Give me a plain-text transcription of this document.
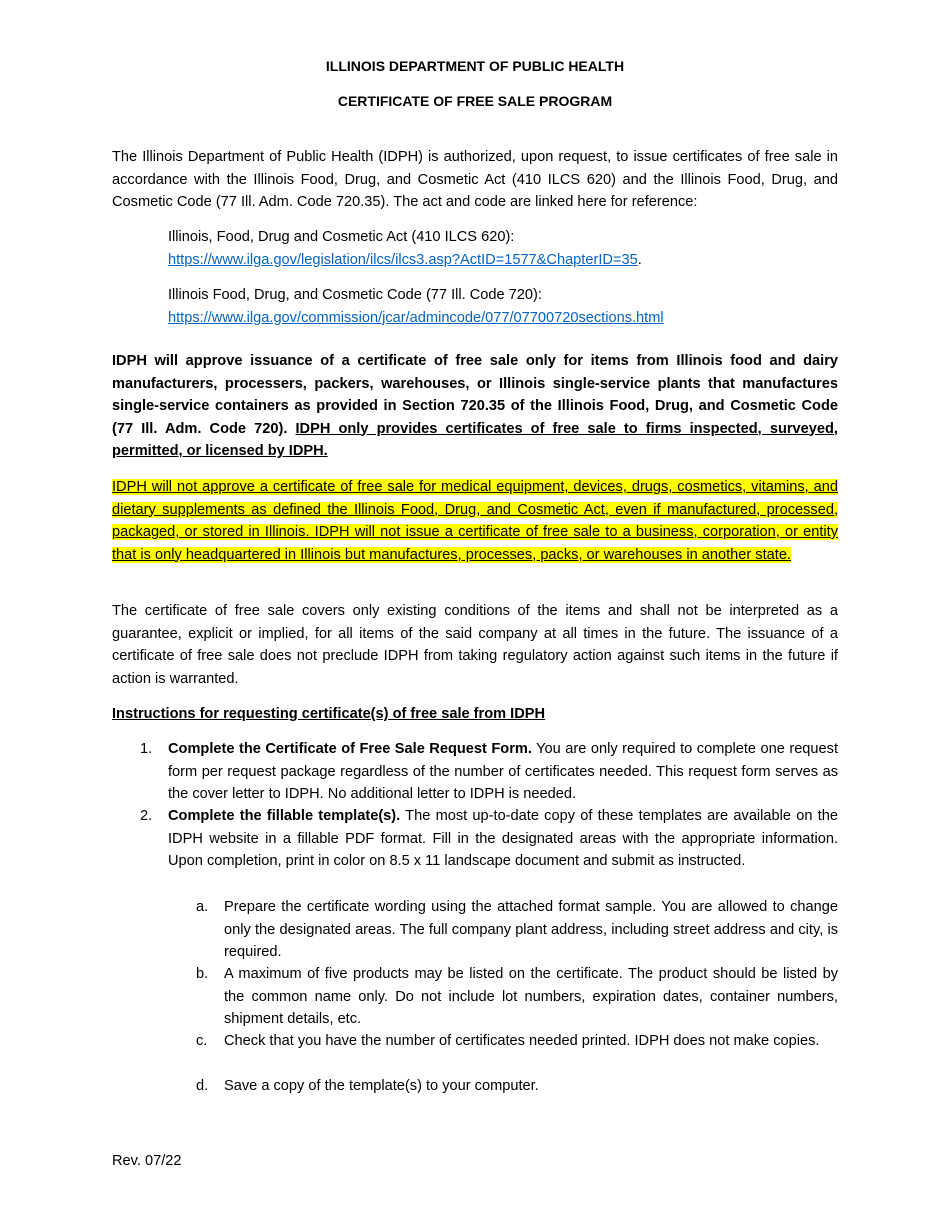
ILLINOIS DEPARTMENT OF PUBLIC HEALTH

CERTIFICATE OF FREE SALE PROGRAM

The Illinois Department of Public Health (IDPH) is authorized, upon request, to issue certificates of free sale in accordance with the Illinois Food, Drug, and Cosmetic Act (410 ILCS 620) and the Illinois Food, Drug, and Cosmetic Code (77 Ill. Adm. Code 720.35). The act and code are linked here for reference:

Illinois, Food, Drug and Cosmetic Act (410 ILCS 620):
https://www.ilga.gov/legislation/ilcs/ilcs3.asp?ActID=1577&ChapterID=35.

Illinois Food, Drug, and Cosmetic Code (77 Ill. Code 720):
https://www.ilga.gov/commission/jcar/admincode/077/07700720sections.html

IDPH will approve issuance of a certificate of free sale only for items from Illinois food and dairy manufacturers, processers, packers, warehouses, or Illinois single-service plants that manufactures single-service containers as provided in Section 720.35 of the Illinois Food, Drug, and Cosmetic Code (77 Ill. Adm. Code 720). IDPH only provides certificates of free sale to firms inspected, surveyed, permitted, or licensed by IDPH.

IDPH will not approve a certificate of free sale for medical equipment, devices, drugs, cosmetics, vitamins, and dietary supplements as defined the Illinois Food, Drug, and Cosmetic Act, even if manufactured, processed, packaged, or stored in Illinois. IDPH will not issue a certificate of free sale to a business, corporation, or entity that is only headquartered in Illinois but manufactures, processes, packs, or warehouses in another state.

The certificate of free sale covers only existing conditions of the items and shall not be interpreted as a guarantee, explicit or implied, for all items of the said company at all times in the future. The issuance of a certificate of free sale does not preclude IDPH from taking regulatory action against such items in the future if action is warranted.

Instructions for requesting certificate(s) of free sale from IDPH

1. Complete the Certificate of Free Sale Request Form. You are only required to complete one request form per request package regardless of the number of certificates needed. This request form serves as the cover letter to IDPH. No additional letter to IDPH is needed.
2. Complete the fillable template(s). The most up-to-date copy of these templates are available on the IDPH website in a fillable PDF format. Fill in the designated areas with the appropriate information. Upon completion, print in color on 8.5 x 11 landscape document and submit as instructed.
a. Prepare the certificate wording using the attached format sample. You are allowed to change only the designated areas. The full company plant address, including street address and city, is required.
b. A maximum of five products may be listed on the certificate. The product should be listed by the common name only. Do not include lot numbers, expiration dates, container numbers, shipment details, etc.
c. Check that you have the number of certificates needed printed. IDPH does not make copies.
d. Save a copy of the template(s) to your computer.

Rev. 07/22
